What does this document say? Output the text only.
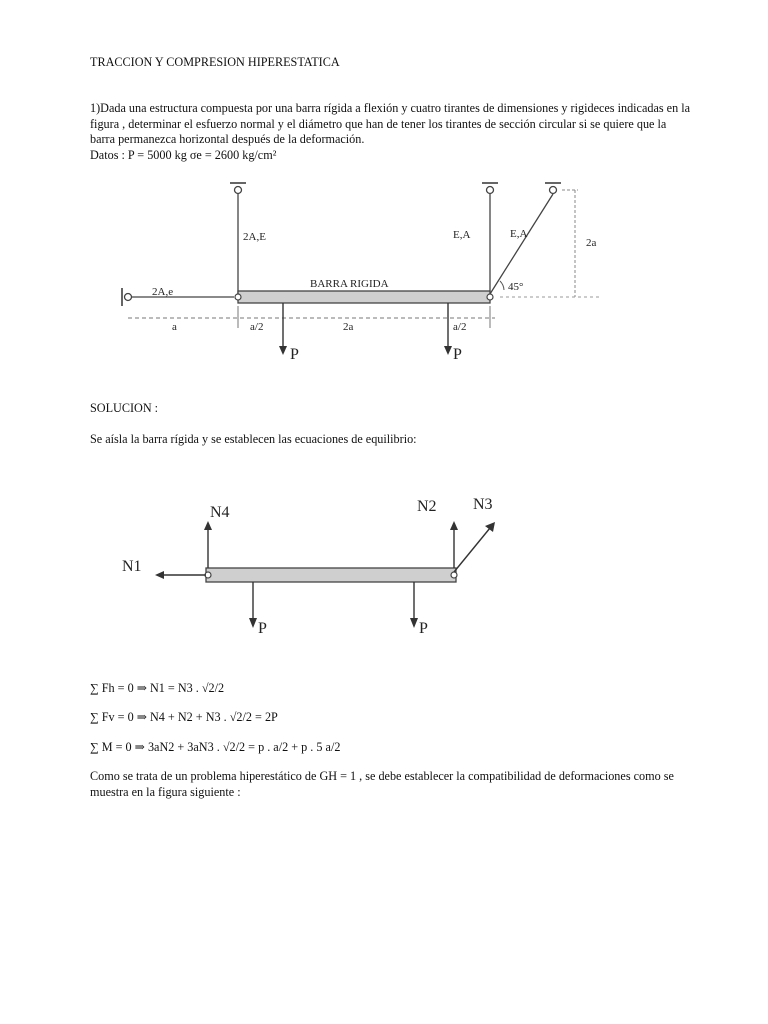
TRACCION Y COMPRESION HIPERESTATICA

1)Dada una estructura compuesta por una barra rígida a flexión y cuatro tirantes de dimensiones y rigideces indicadas en la figura , determinar el esfuerzo normal y el diámetro que han de tener los tirantes de sección circular si se quiere que la barra permanezca horizontal después de la deformación.

Datos : P = 5000 kg σe = 2600 kg/cm²

2A,e
2A,E	E,A	E,A
BARRA RIGIDA	45°
2a
a	a/2	2a	a/2
P	P

SOLUCION :

Se aísla la barra rígida y se establecen las ecuaciones de equilibrio:

N4	N2 N3
N1
P	P

∑ Fh = 0 ⇒ N1 = N3 . √2/2

∑ Fv = 0 ⇒ N4 + N2 + N3 . √2/2 = 2P

∑ M = 0 ⇒ 3aN2 + 3aN3 . √2/2 = p . a/2 + p . 5 a/2

Como se trata de un problema hiperestático de GH = 1 , se debe establecer la compatibilidad de deformaciones como se muestra en la figura siguiente :
